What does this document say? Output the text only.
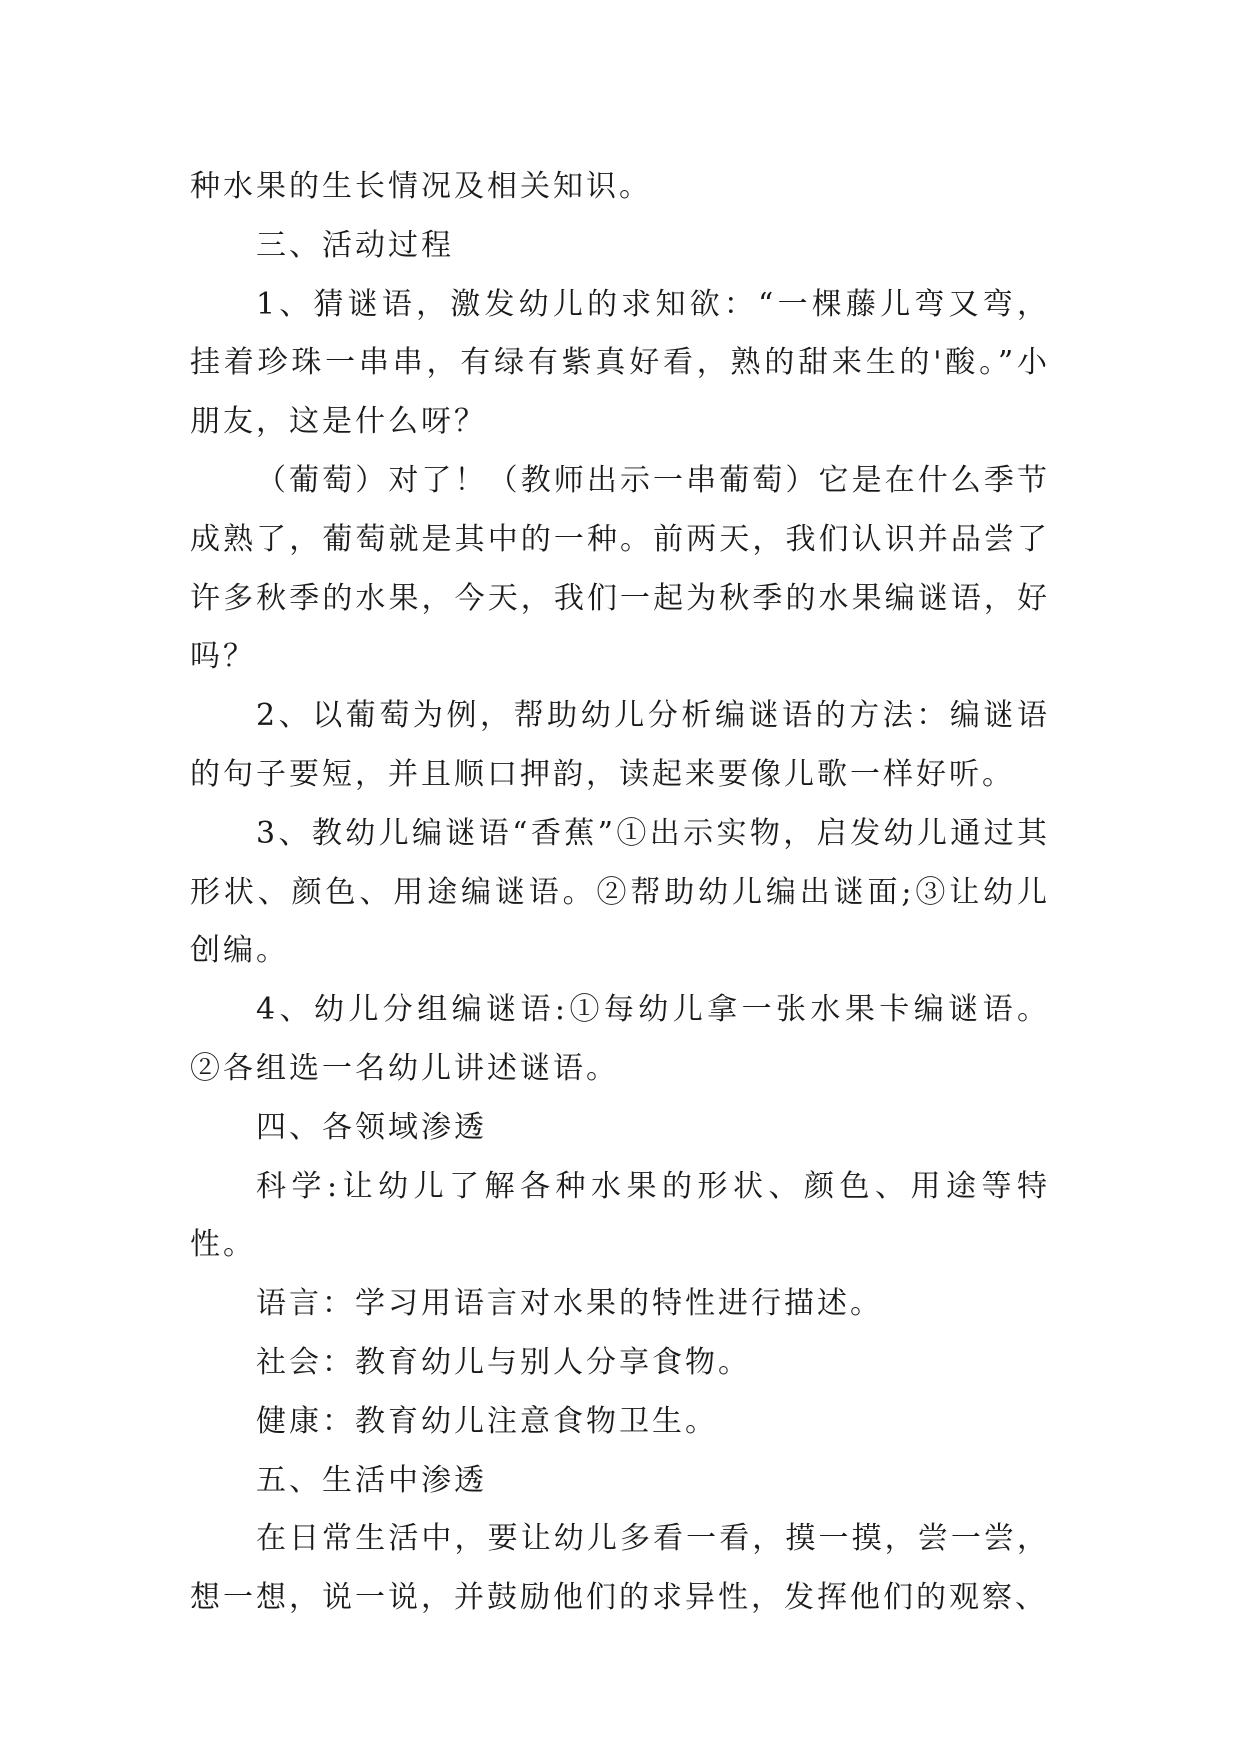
种水果的生长情况及相关知识。

三、活动过程

1、猜谜语，激发幼儿的求知欲：“一棵藤儿弯又弯，挂着珍珠一串串，有绿有紫真好看，熟的甜来生的'酸。”小朋友，这是什么呀？

（葡萄）对了！（教师出示一串葡萄）它是在什么季节成熟了，葡萄就是其中的一种。前两天，我们认识并品尝了许多秋季的水果，今天，我们一起为秋季的水果编谜语，好吗？

2、以葡萄为例，帮助幼儿分析编谜语的方法：编谜语的句子要短，并且顺口押韵，读起来要像儿歌一样好听。

3、教幼儿编谜语“香蕉”①出示实物，启发幼儿通过其形状、颜色、用途编谜语。②帮助幼儿编出谜面;③让幼儿创编。

4、幼儿分组编谜语:①每幼儿拿一张水果卡编谜语。②各组选一名幼儿讲述谜语。

四、各领域渗透

科学:让幼儿了解各种水果的形状、颜色、用途等特性。

语言：学习用语言对水果的特性进行描述。

社会：教育幼儿与别人分享食物。

健康：教育幼儿注意食物卫生。

五、生活中渗透

在日常生活中，要让幼儿多看一看，摸一摸，尝一尝，想一想，说一说，并鼓励他们的求异性，发挥他们的观察、
